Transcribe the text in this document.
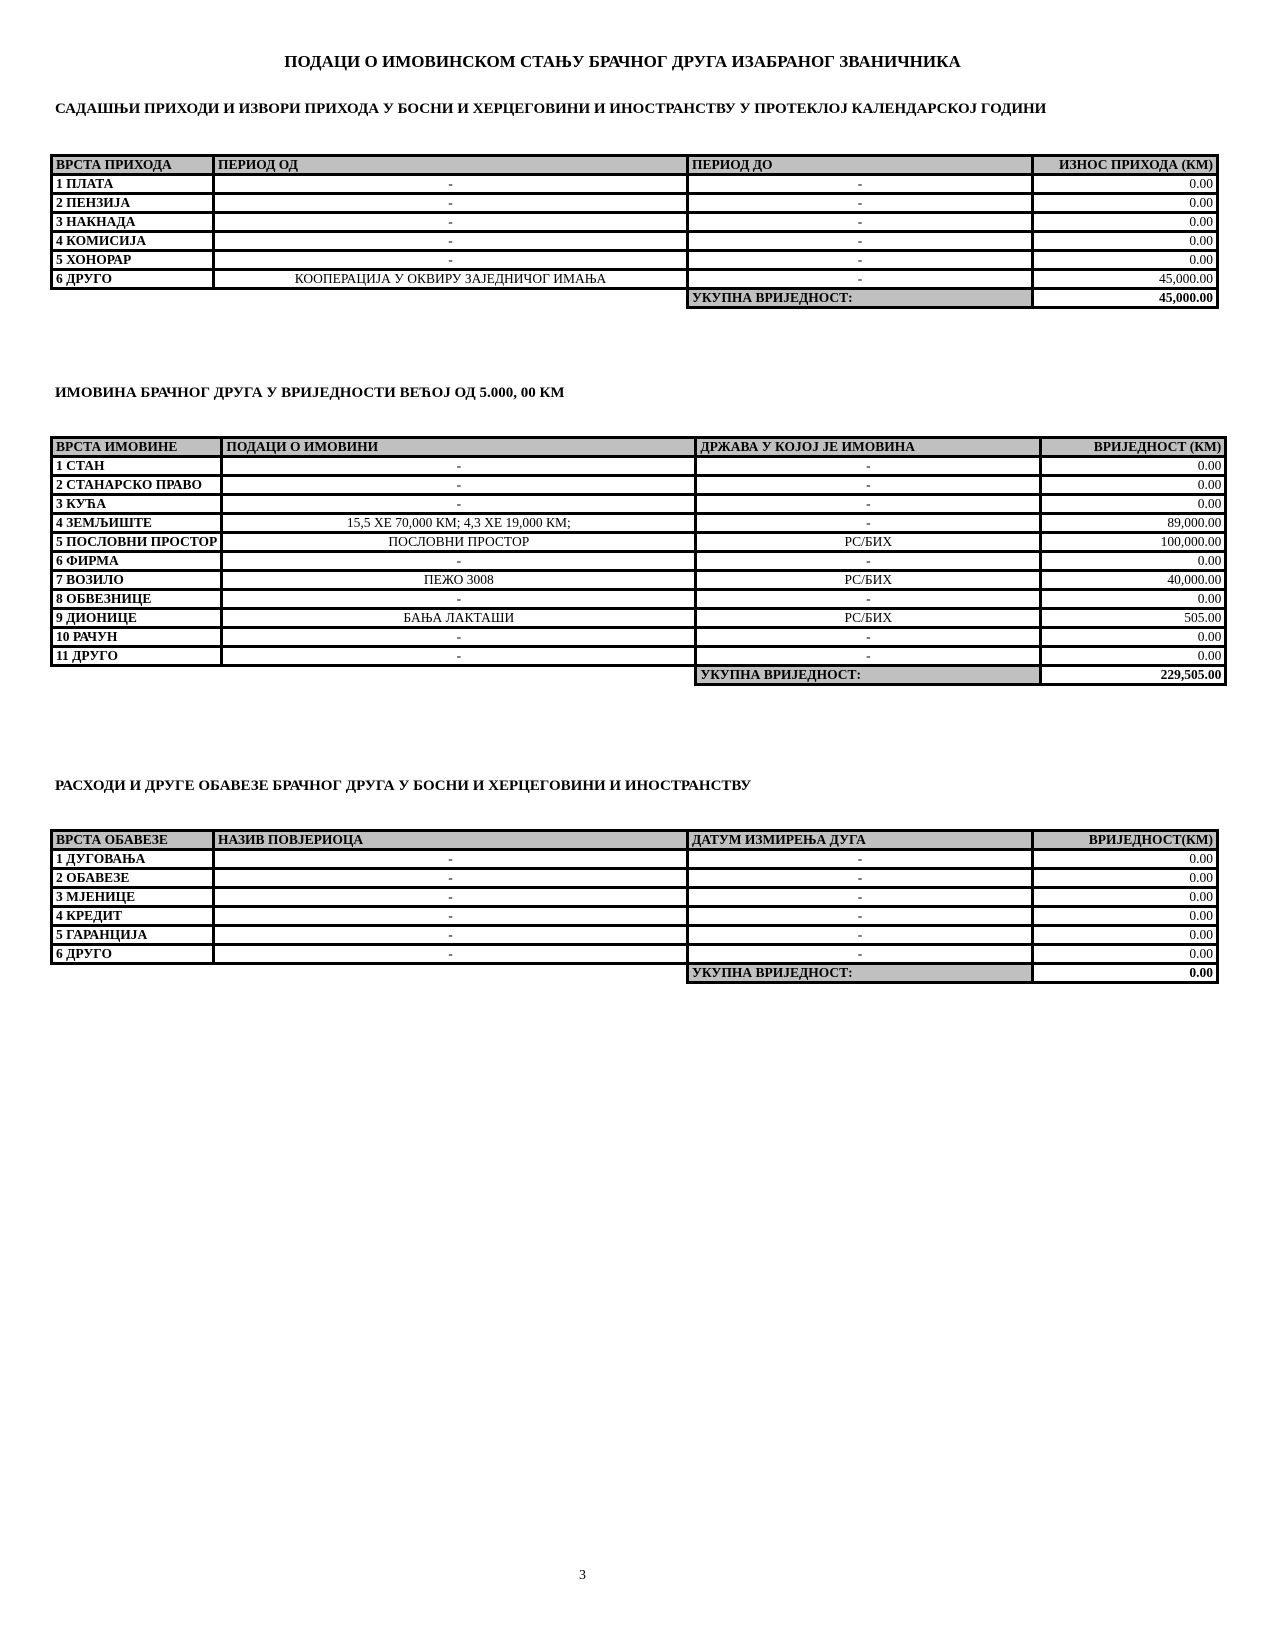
ПОДАЦИ О ИМОВИНСКОМ СТАЊУ БРАЧНОГ ДРУГА ИЗАБРАНОГ ЗВАНИЧНИКА
САДАШЊИ ПРИХОДИ И ИЗВОРИ ПРИХОДА У БОСНИ И ХЕРЦЕГОВИНИ И ИНОСТРАНСТВУ У ПРОТЕКЛОЈ КАЛЕНДАРСКОЈ ГОДИНИ
ВРСТА ПРИХОДА	ПЕРИОД ОД	ПЕРИОД ДО	ИЗНОС ПРИХОДА (КМ)
1 ПЛАТА	-	-	0.00
2 ПЕНЗИЈА	-	-	0.00
3 НАКНАДА	-	-	0.00
4 КОМИСИЈА	-	-	0.00
5 ХОНОРАР	-	-	0.00
6 ДРУГО	КООПЕРАЦИЈА У ОКВИРУ ЗАЈЕДНИЧОГ ИМАЊА	-	45,000.00
		УКУПНА ВРИЈЕДНОСТ:	45,000.00
ИМОВИНА БРАЧНОГ ДРУГА У ВРИЈЕДНОСТИ ВЕЋОЈ ОД 5.000, 00 КМ
ВРСТА ИМОВИНЕ	ПОДАЦИ О ИМОВИНИ	ДРЖАВА У КОЈОЈ ЈЕ ИМОВИНА	ВРИЈЕДНОСТ (КМ)
1 СТАН	-	-	0.00
2 СТАНАРСКО ПРАВО	-	-	0.00
3 КУЋА	-	-	0.00
4 ЗЕМЉИШТЕ	15,5 ХЕ 70,000 КМ; 4,3 ХЕ 19,000 КМ;	-	89,000.00
5 ПОСЛОВНИ ПРОСТОР	ПОСЛОВНИ ПРОСТОР	РС/БИХ	100,000.00
6 ФИРМА	-	-	0.00
7 ВОЗИЛО	ПЕЖО 3008	РС/БИХ	40,000.00
8 ОБВЕЗНИЦЕ	-	-	0.00
9 ДИОНИЦЕ	БАЊА ЛАКТАШИ	РС/БИХ	505.00
10 РАЧУН	-	-	0.00
11 ДРУГО	-	-	0.00
		УКУПНА ВРИЈЕДНОСТ:	229,505.00
РАСХОДИ И ДРУГЕ ОБАВЕЗЕ БРАЧНОГ ДРУГА У БОСНИ И ХЕРЦЕГОВИНИ И ИНОСТРАНСТВУ
ВРСТА ОБАВЕЗЕ	НАЗИВ ПОВЈЕРИОЦА	ДАТУМ ИЗМИРЕЊА ДУГА	ВРИЈЕДНОСТ(КМ)
1 ДУГОВАЊА	-	-	0.00
2 ОБАВЕЗЕ	-	-	0.00
3 МЈЕНИЦЕ	-	-	0.00
4 КРЕДИТ	-	-	0.00
5 ГАРАНЦИЈА	-	-	0.00
6 ДРУГО	-	-	0.00
		УКУПНА ВРИЈЕДНОСТ:	0.00
3
